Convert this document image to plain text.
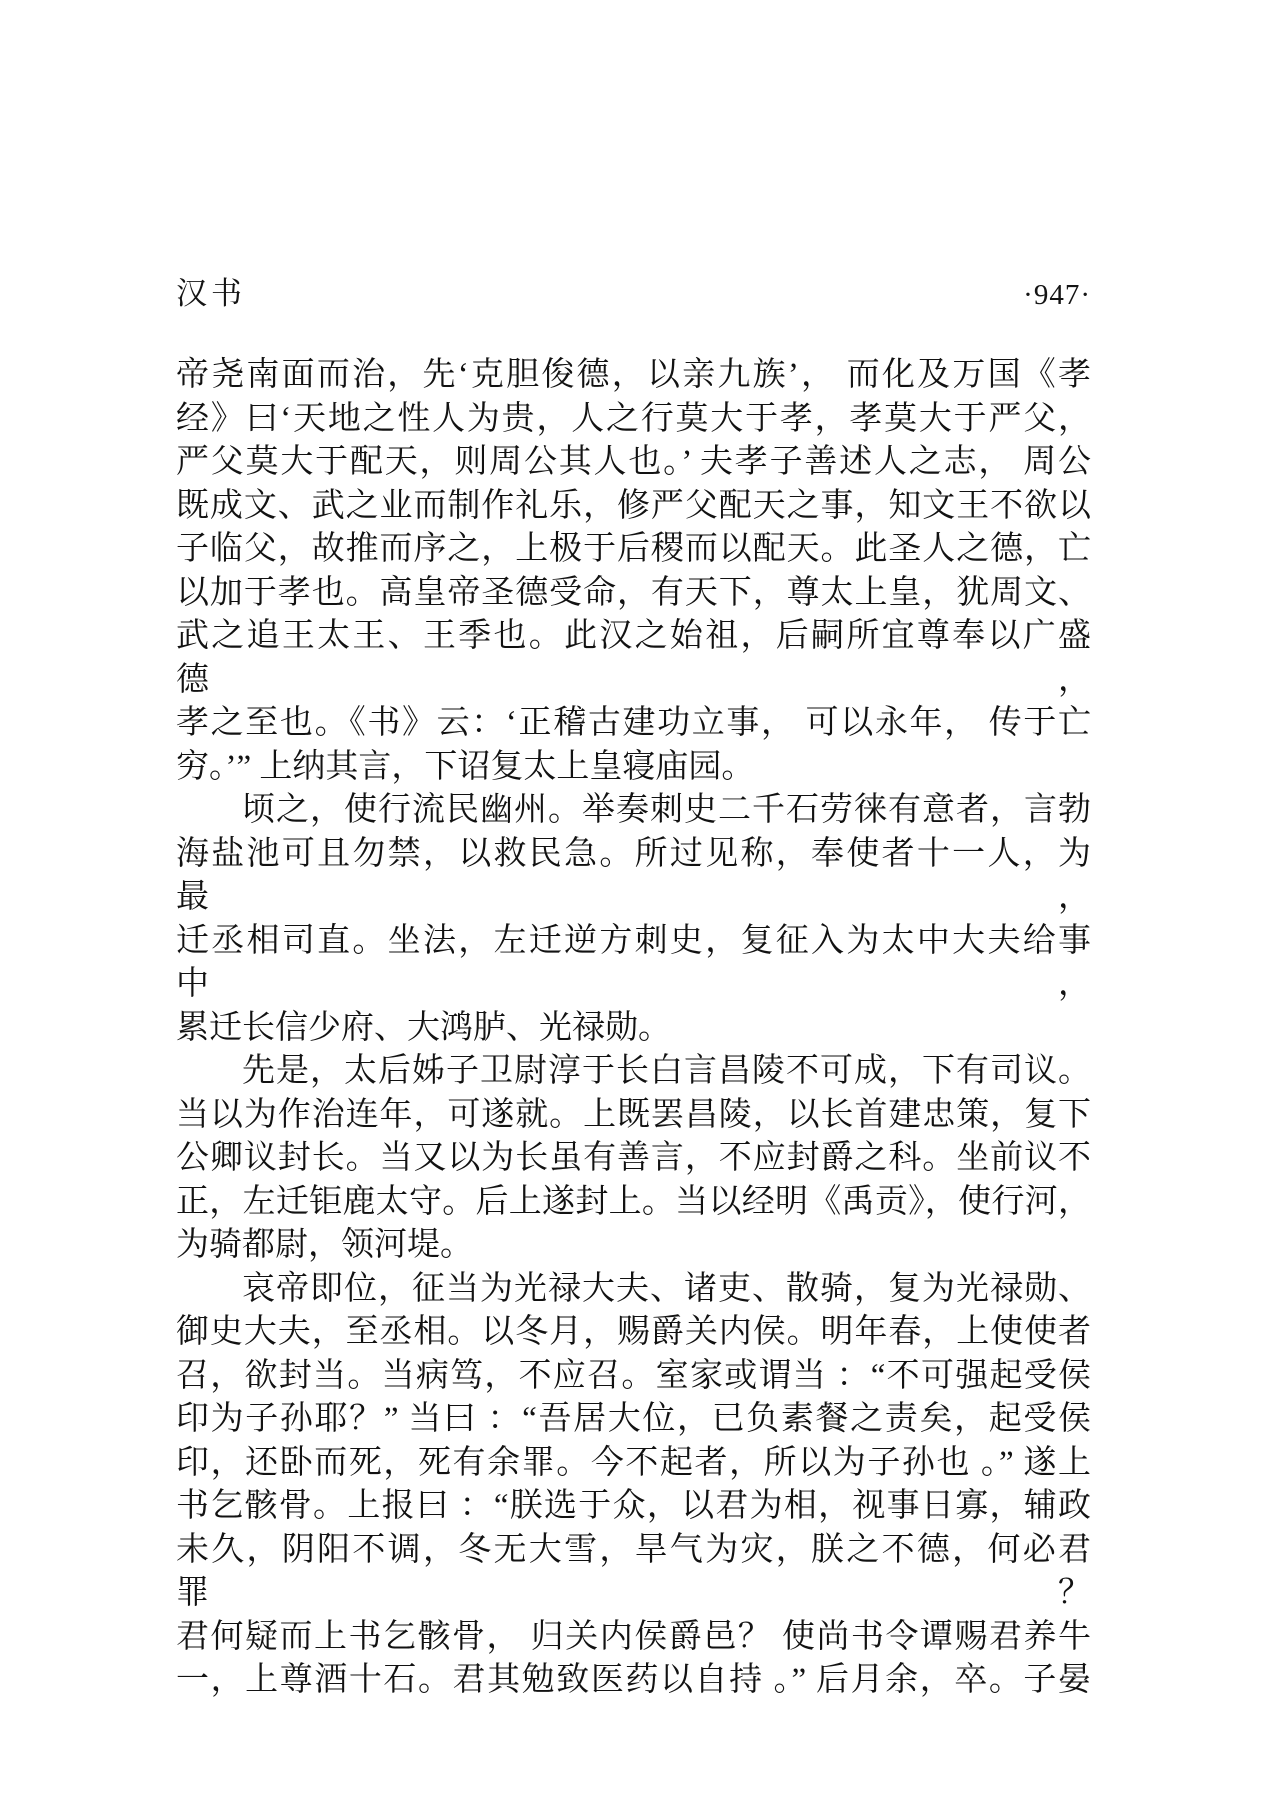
汉书	·947·
帝尧南面而治，先‘克胆俊德，以亲九族’， 而化及万国《孝
经》曰‘天地之性人为贵，人之行莫大于孝，孝莫大于严父，
严父莫大于配天，则周公其人也。’ 夫孝子善述人之志， 周公
既成文、武之业而制作礼乐，修严父配天之事，知文王不欲以
子临父，故推而序之，上极于后稷而以配天。此圣人之德，亡
以加于孝也。高皇帝圣德受命，有天下，尊太上皇，犹周文、
武之追王太王、王季也。此汉之始祖，后嗣所宜尊奉以广盛德，
孝之至也。《书》云：‘正稽古建功立事， 可以永年， 传于亡
穷。’” 上纳其言，下诏复太上皇寝庙园。
顷之，使行流民幽州。举奏刺史二千石劳徕有意者，言勃
海盐池可且勿禁，以救民急。所过见称，奉使者十一人，为最，
迁丞相司直。坐法，左迁逆方刺史，复征入为太中大夫给事中，
累迁长信少府、大鸿胪、光禄勋。
先是，太后姊子卫尉淳于长白言昌陵不可成，下有司议。
当以为作治连年，可遂就。上既罢昌陵，以长首建忠策，复下
公卿议封长。当又以为长虽有善言，不应封爵之科。坐前议不
正，左迁钜鹿太守。后上遂封上。当以经明《禹贡》，使行河，
为骑都尉，领河堤。
哀帝即位，征当为光禄大夫、诸吏、散骑，复为光禄勋、
御史大夫，至丞相。以冬月，赐爵关内侯。明年春，上使使者
召，欲封当。当病笃，不应召。室家或谓当 ：“不可强起受侯
印为子孙耶？” 当曰 ：“吾居大位，已负素餐之责矣，起受侯
印，还卧而死，死有余罪。今不起者，所以为子孙也 。” 遂上
书乞骸骨。上报曰 ：“朕选于众，以君为相，视事日寡，辅政
未久，阴阳不调，冬无大雪，旱气为灾，朕之不德，何必君罪？
君何疑而上书乞骸骨， 归关内侯爵邑？ 使尚书令谭赐君养牛
一，上尊酒十石。君其勉致医药以自持 。” 后月余，卒。子晏
